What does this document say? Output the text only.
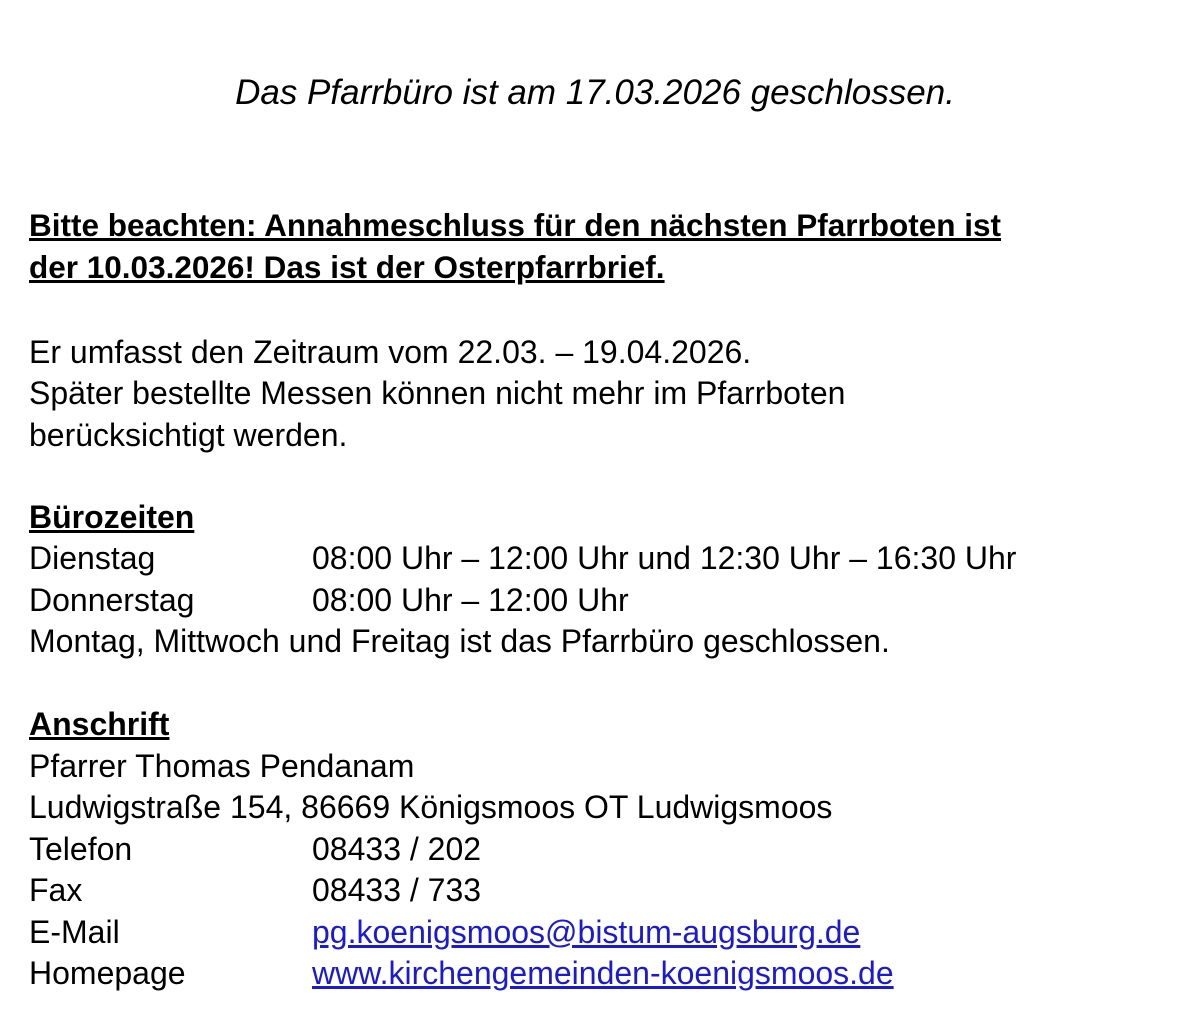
Das Pfarrbüro ist am 17.03.2026 geschlossen.
Bitte beachten: Annahmeschluss für den nächsten Pfarrboten ist
der 10.03.2026! Das ist der Osterpfarrbrief.
Er umfasst den Zeitraum vom 22.03. – 19.04.2026.
Später bestellte Messen können nicht mehr im Pfarrboten
berücksichtigt werden.
Bürozeiten
Dienstag	08:00 Uhr – 12:00 Uhr und 12:30 Uhr – 16:30 Uhr
Donnerstag	08:00 Uhr – 12:00 Uhr
Montag, Mittwoch und Freitag ist das Pfarrbüro geschlossen.
Anschrift
Pfarrer Thomas Pendanam
Ludwigstraße 154, 86669 Königsmoos OT Ludwigsmoos
Telefon	08433 / 202
Fax	08433 / 733
E-Mail	pg.koenigsmoos@bistum-augsburg.de
Homepage	www.kirchengemeinden-koenigsmoos.de
